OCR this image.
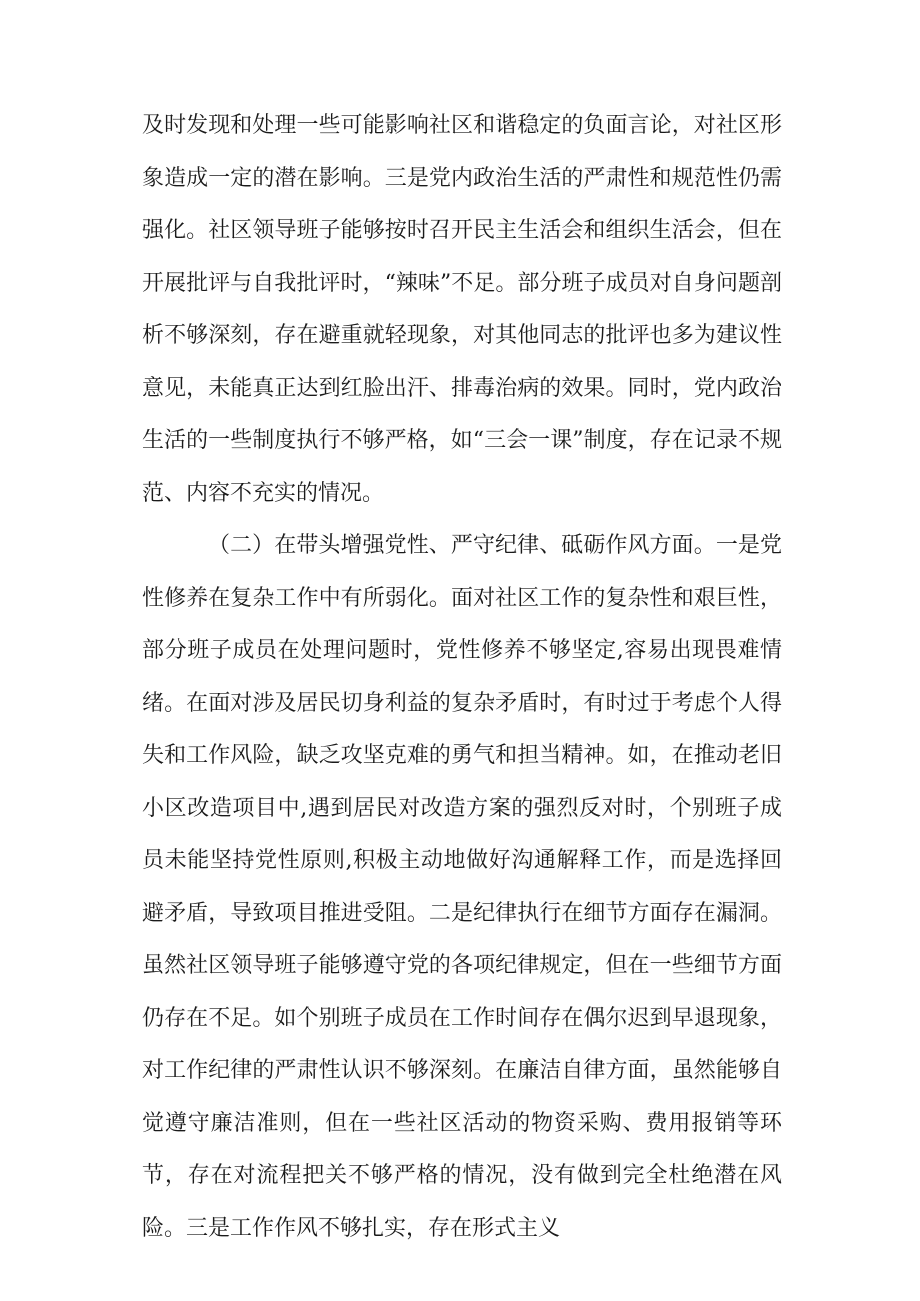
及时发现和处理一些可能影响社区和谐稳定的负面言论，对社区形象造成一定的潜在影响。三是党内政治生活的严肃性和规范性仍需强化。社区领导班子能够按时召开民主生活会和组织生活会，但在开展批评与自我批评时，“辣味”不足。部分班子成员对自身问题剖析不够深刻，存在避重就轻现象，对其他同志的批评也多为建议性意见，未能真正达到红脸出汗、排毒治病的效果。同时，党内政治生活的一些制度执行不够严格，如“三会一课”制度，存在记录不规范、内容不充实的情况。

（二）在带头增强党性、严守纪律、砥砺作风方面。一是党性修养在复杂工作中有所弱化。面对社区工作的复杂性和艰巨性，部分班子成员在处理问题时，党性修养不够坚定,容易出现畏难情绪。在面对涉及居民切身利益的复杂矛盾时，有时过于考虑个人得失和工作风险，缺乏攻坚克难的勇气和担当精神。如，在推动老旧小区改造项目中,遇到居民对改造方案的强烈反对时，个别班子成员未能坚持党性原则,积极主动地做好沟通解释工作，而是选择回避矛盾，导致项目推进受阻。二是纪律执行在细节方面存在漏洞。虽然社区领导班子能够遵守党的各项纪律规定，但在一些细节方面仍存在不足。如个别班子成员在工作时间存在偶尔迟到早退现象，对工作纪律的严肃性认识不够深刻。在廉洁自律方面，虽然能够自觉遵守廉洁准则，但在一些社区活动的物资采购、费用报销等环节，存在对流程把关不够严格的情况，没有做到完全杜绝潜在风险。三是工作作风不够扎实，存在形式主义
